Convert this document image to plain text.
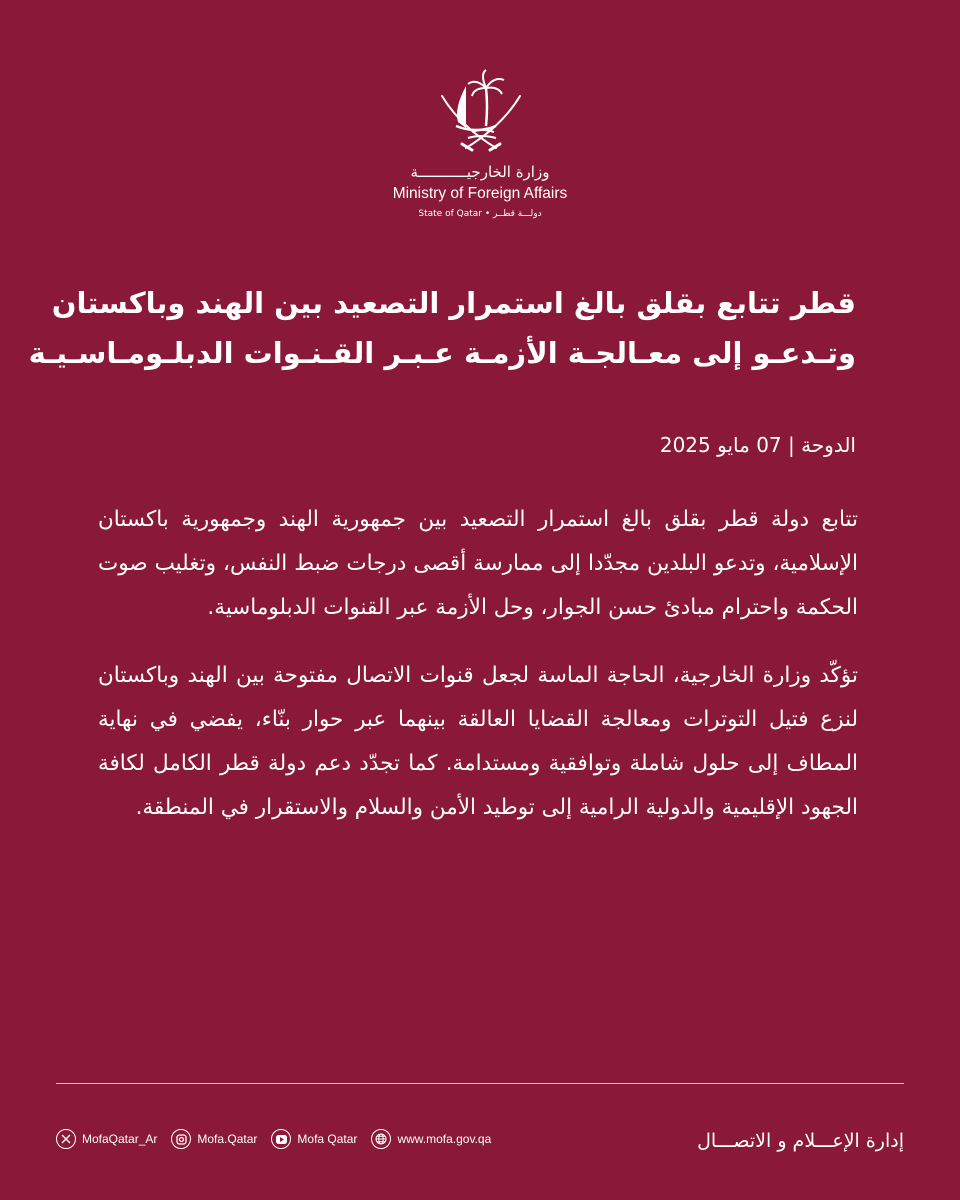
وزارة الخارجيـــــــــــة
Ministry of Foreign Affairs
State of Qatar • دولـــة قطــر
قطر تتابع بقلق بالغ استمرار التصعيد بين الهند وباكستان
وتـدعـو إلى معـالجـة الأزمـة عـبـر القـنـوات الدبلـومـاسـيـة
الدوحة | 07 مايو 2025

تتابع دولة قطر بقلق بالغ استمرار التصعيد بين جمهورية الهند وجمهورية باكستان الإسلامية، وتدعو البلدين مجدّدا إلى ممارسة أقصى درجات ضبط النفس، وتغليب صوت الحكمة واحترام مبادئ حسن الجوار، وحل الأزمة عبر القنوات الدبلوماسية.

تؤكّد وزارة الخارجية، الحاجة الماسة لجعل قنوات الاتصال مفتوحة بين الهند وباكستان لنزع فتيل التوترات ومعالجة القضايا العالقة بينهما عبر حوار بنّاء، يفضي في نهاية المطاف إلى حلول شاملة وتوافقية ومستدامة. كما تجدّد دعم دولة قطر الكامل لكافة الجهود الإقليمية والدولية الرامية إلى توطيد الأمن والسلام والاستقرار في المنطقة.

إدارة الإعـــلام و الاتصـــال
MofaQatar_Ar	Mofa.Qatar	Mofa Qatar	www.mofa.gov.qa
